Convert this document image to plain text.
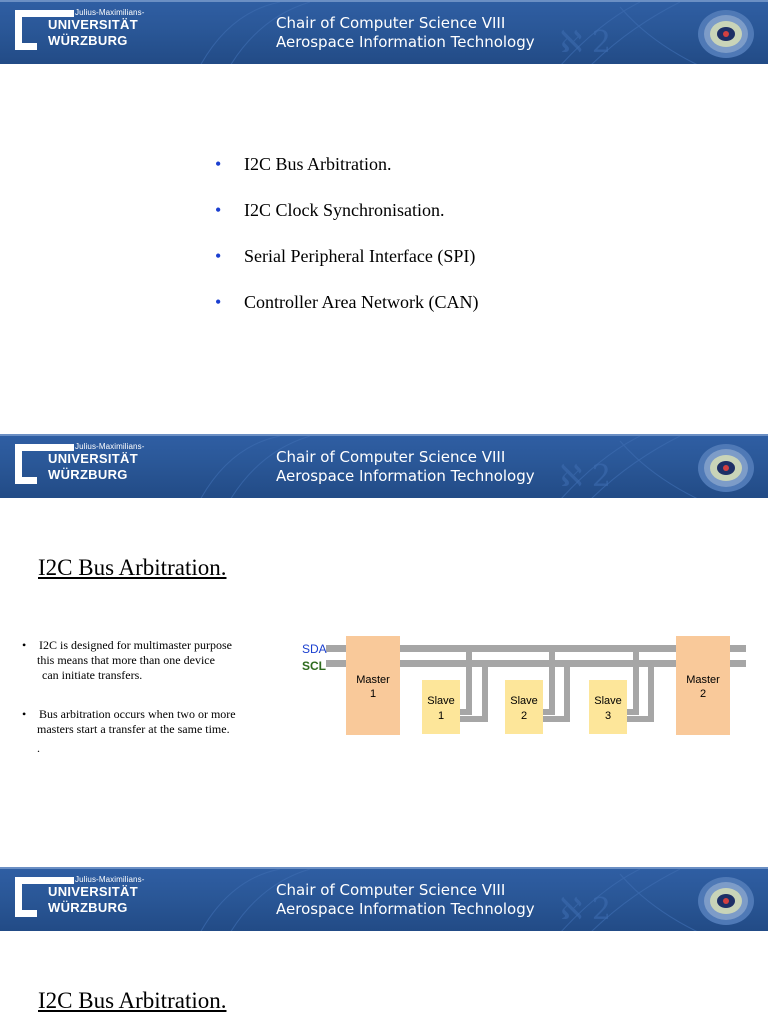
ℵ 2
Julius-Maximilians-
UNIVERSITÄT
WÜRZBURG
Chair of Computer Science VIII
Aerospace Information Technology
• I2C Bus Arbitration.
• I2C Clock Synchronisation.
• Serial Peripheral Interface (SPI)
• Controller Area Network (CAN)
ℵ 2
Julius-Maximilians-
UNIVERSITÄT
WÜRZBURG
Chair of Computer Science VIII
Aerospace Information Technology
I2C Bus Arbitration.
• I2C is designed for multimaster purpose
this means that more than one device
can initiate transfers.
• Bus arbitration occurs when two or more
masters start a transfer at the same time.
.
SDA
SCL
Master
1
Master
2
Slave
1
Slave
2
Slave
3
ℵ 2
Julius-Maximilians-
UNIVERSITÄT
WÜRZBURG
Chair of Computer Science VIII
Aerospace Information Technology
I2C Bus Arbitration.
